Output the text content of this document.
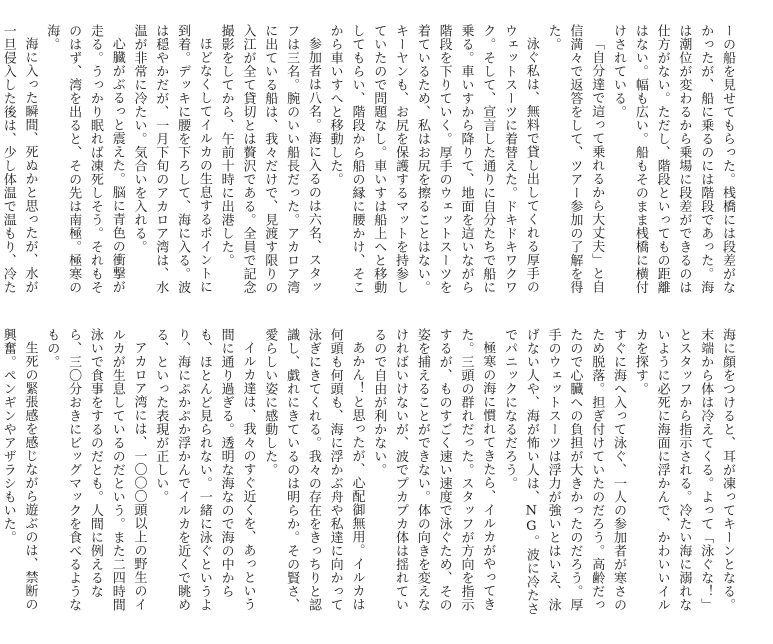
ーの船を見せてもらった。桟橋には段差がなかったが、船に乗るのには階段であった。海は潮位が変わるから乗場に段差ができるのは仕方がない。ただし、階段といってもの距離はない。幅も広い。船もそのまま桟橋に横付けされている。

「自分達で這って乗れるから大丈夫」と自信満々で返答をして、ツアー参加の了解を得た。

泳ぐ私は、無料で貸し出してくれる厚手のウェットスーツに着替えた。ドキドキワクワク。そして、宣言した通りに自分たちで船に乗る。車いすから降りて、地面を這いながら階段を下りていく。厚手のウェットスーツを着ているため、私はお尻を擦ることはない。キーヤンも、お尻を保護するマットを持参していたので問題なし。車いすは船上へと移動してもらい、階段から船の縁に腰かけ、そこから車いすへと移動した。

参加者は八名。海に入るのは六名、スタッフは三名。腕のいい船長だった。アカロア湾に出ている船は、我々だけで、見渡す限りの入江が全て貸切とは贅沢である。全員で記念撮影をしてから、午前十時に出港した。

ほどなくしてイルカの生息するポイントに到着。デッキに腰を下ろして、海に入る。波は穏やかだが、一月下旬のアカロア湾は、水温が非常に冷たい。気合いを入れる。

心臓がぶるっと震えた。脳に青色の衝撃が走る。うっかり眠れば凍死しそう。それもそのはず、湾を出ると、その先は南極。極寒の海。

海に入った瞬間、死ぬかと思ったが、水が一旦侵入した後は、少し体温で温もり、冷た

海に顔をつけると、耳が凍ってキーンとなる。末端から体は冷えてくる。よって「泳ぐな！」とスタッフから指示される。冷たい海に溺れないように必死に海面に浮かんで、かわいいイルカを探す。

すぐに海へ入って泳ぐ、一人の参加者が寒さのため脱落。担ぎ付けていたのだろう。高齢だったので心臓への負担が大きかったのだろう。厚手のウェットスーツは浮力が強いとはいえ、泳げない人や、海が怖い人は、NG。波に冷たさでパニックになるだろう。

極寒の海に慣れてきたら、イルカがやってきた。三頭の群れだった。スタッフが方向を指示するが、ものすごく速い速度で泳ぐため、その姿を捕えることができない。体の向きを変えなければいけないが、波でプカプカ体は揺れているので自由が利かない。

あかん！と思ったが、心配御無用。イルカは何頭も何頭も、海に浮かぶ舟や私達に向かって泳ぎにきてくれる。我々の存在をきっちりと認識し、戯れにきているのは明らか。その賢さ、愛らしい姿に感動した。

イルカ達は、我々のすぐ近くを、あっという間に通り過ぎる。透明な海なので海の中からも、ほとんど見られない。一緒に泳ぐというより、海にぷかぷか浮かんでイルカを近くで眺める、といった表現が正しい。

アカロア湾には、一〇〇〇頭以上の野生のイルカが生息しているのだという。また二四時間泳いで食事をするのだとも。人間に例えるなら、三〇分おきにビッグマックを食べるようなもの。

生死の緊張感を感じながら遊ぶのは、禁断の興奮。ペンギンやアザラシもいた。
